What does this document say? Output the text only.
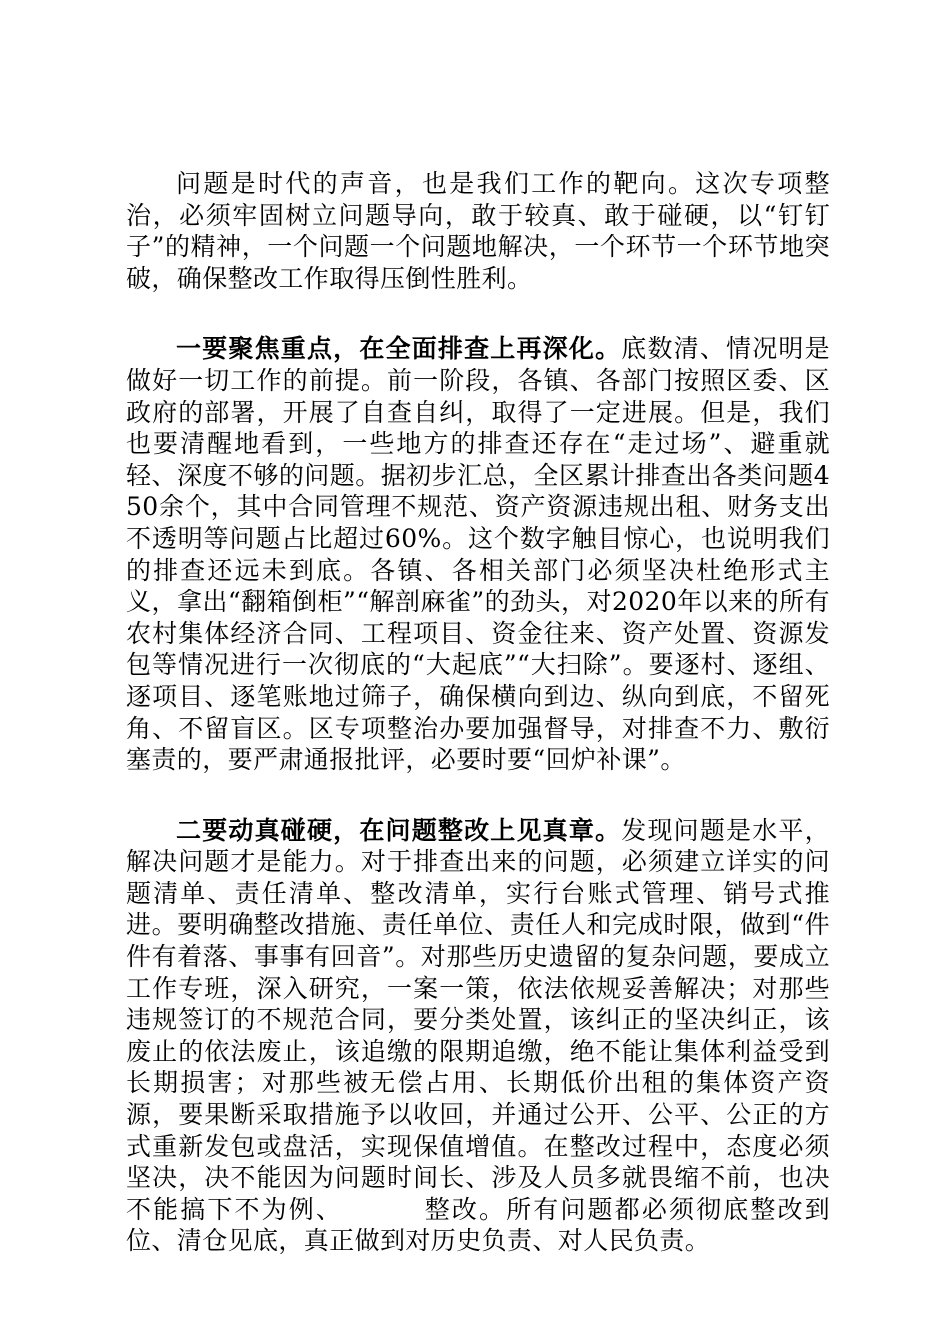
问题是时代的声音，也是我们工作的靶向。这次专项整治，必须牢固树立问题导向，敢于较真、敢于碰硬，以“钉钉子”的精神，一个问题一个问题地解决，一个环节一个环节地突破，确保整改工作取得压倒性胜利。

一要聚焦重点，在全面排查上再深化。底数清、情况明是做好一切工作的前提。前一阶段，各镇、各部门按照区委、区政府的部署，开展了自查自纠，取得了一定进展。但是，我们也要清醒地看到，一些地方的排查还存在“走过场”、避重就轻、深度不够的问题。据初步汇总，全区累计排查出各类问题450余个，其中合同管理不规范、资产资源违规出租、财务支出不透明等问题占比超过60%。这个数字触目惊心，也说明我们的排查还远未到底。各镇、各相关部门必须坚决杜绝形式主义，拿出“翻箱倒柜”“解剖麻雀”的劲头，对2020年以来的所有农村集体经济合同、工程项目、资金往来、资产处置、资源发包等情况进行一次彻底的“大起底”“大扫除”。要逐村、逐组、逐项目、逐笔账地过筛子，确保横向到边、纵向到底，不留死角、不留盲区。区专项整治办要加强督导，对排查不力、敷衍塞责的，要严肃通报批评，必要时要“回炉补课”。

二要动真碰硬，在问题整改上见真章。发现问题是水平，解决问题才是能力。对于排查出来的问题，必须建立详实的问题清单、责任清单、整改清单，实行台账式管理、销号式推进。要明确整改措施、责任单位、责任人和完成时限，做到“件件有着落、事事有回音”。对那些历史遗留的复杂问题，要成立工作专班，深入研究，一案一策，依法依规妥善解决；对那些违规签订的不规范合同，要分类处置，该纠正的坚决纠正，该废止的依法废止，该追缴的限期追缴，绝不能让集体利益受到长期损害；对那些被无偿占用、长期低价出租的集体资产资源，要果断采取措施予以收回，并通过公开、公平、公正的方式重新发包或盘活，实现保值增值。在整改过程中，态度必须坚决，决不能因为问题时间长、涉及人员多就畏缩不前，也决不能搞下不为例、	整改。所有问题都必须彻底整改到位、清仓见底，真正做到对历史负责、对人民负责。
